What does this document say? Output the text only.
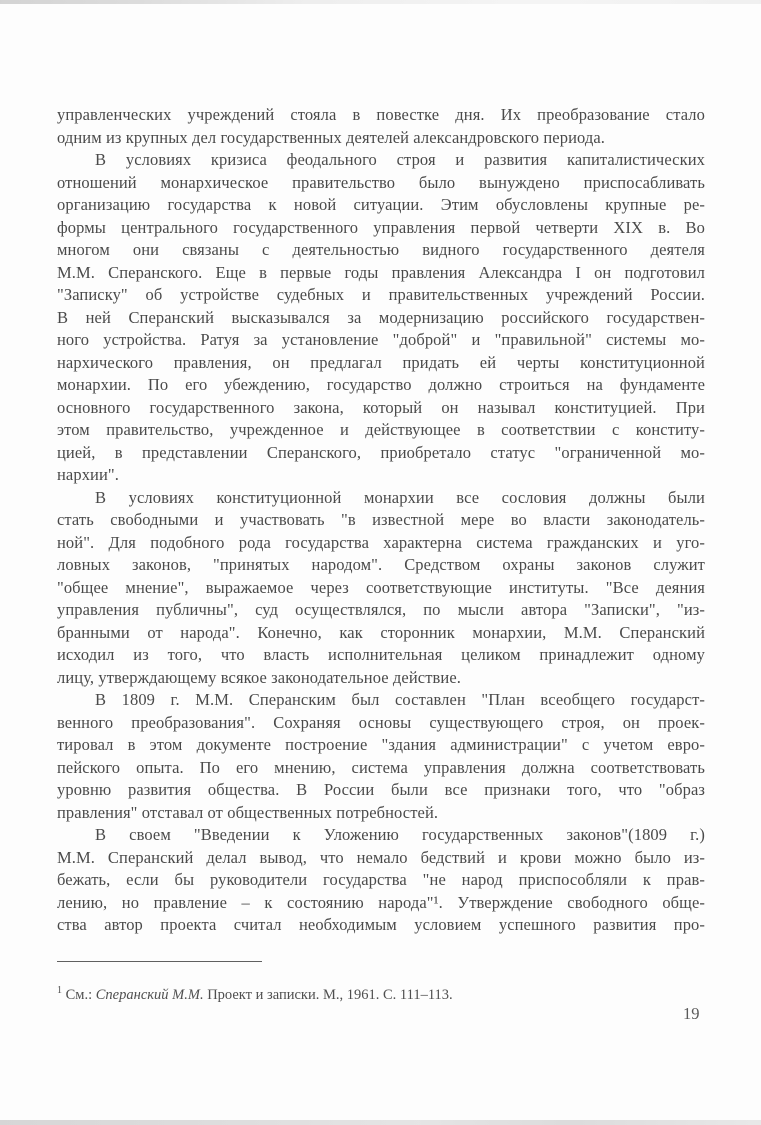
управленческих учреждений стояла в повестке дня. Их преобразование стало
одним из крупных дел государственных деятелей александровского периода.
В условиях кризиса феодального строя и развития капиталистических
отношений монархическое правительство было вынуждено приспосабливать
организацию государства к новой ситуации. Этим обусловлены крупные ре-
формы центрального государственного управления первой четверти XIX в. Во
многом они связаны с деятельностью видного государственного деятеля
М.М. Сперанского. Еще в первые годы правления Александра I он подготовил
"Записку" об устройстве судебных и правительственных учреждений России.
В ней Сперанский высказывался за модернизацию российского государствен-
ного устройства. Ратуя за установление "доброй" и "правильной" системы мо-
нархического правления, он предлагал придать ей черты конституционной
монархии. По его убеждению, государство должно строиться на фундаменте
основного государственного закона, который он называл конституцией. При
этом правительство, учрежденное и действующее в соответствии с конститу-
цией, в представлении Сперанского, приобретало статус "ограниченной мо-
нархии".
В условиях конституционной монархии все сословия должны были
стать свободными и участвовать "в известной мере во власти законодатель-
ной". Для подобного рода государства характерна система гражданских и уго-
ловных законов, "принятых народом". Средством охраны законов служит
"общее мнение", выражаемое через соответствующие институты. "Все деяния
управления публичны", суд осуществлялся, по мысли автора "Записки", "из-
бранными от народа". Конечно, как сторонник монархии, М.М. Сперанский
исходил из того, что власть исполнительная целиком принадлежит одному
лицу, утверждающему всякое законодательное действие.
В 1809 г. М.М. Сперанским был составлен "План всеобщего государст-
венного преобразования". Сохраняя основы существующего строя, он проек-
тировал в этом документе построение "здания администрации" с учетом евро-
пейского опыта. По его мнению, система управления должна соответствовать
уровню развития общества. В России были все признаки того, что "образ
правления" отставал от общественных потребностей.
В своем "Введении к Уложению государственных законов"(1809 г.)
М.М. Сперанский делал вывод, что немало бедствий и крови можно было из-
бежать, если бы руководители государства "не народ приспособляли к прав-
лению, но правление – к состоянию народа"¹. Утверждение свободного обще-
ства автор проекта считал необходимым условием успешного развития про-
$^1$ См.: Сперанский М.М. Проект и записки. М., 1961. С. 111–113.
19
